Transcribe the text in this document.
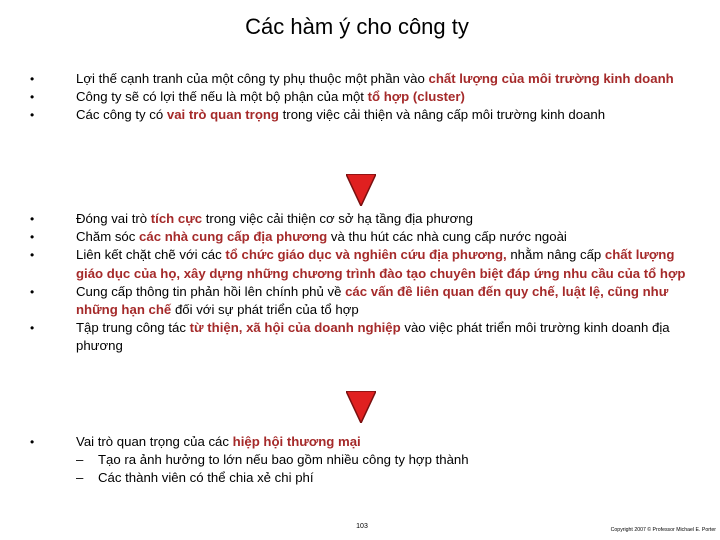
Các hàm ý cho công ty
•	Lợi thế cạnh tranh của một công ty phụ thuộc một phần vào chất lượng của môi trường kinh doanh
•	Công ty sẽ có lợi thế nếu là một bộ phận của một tổ hợp (cluster)
•	Các công ty có vai trò quan trọng trong việc cải thiện và nâng cấp môi trường kinh doanh
•	Đóng vai trò tích cực trong việc cải thiện cơ sở hạ tầng địa phương
•	Chăm sóc các nhà cung cấp địa phương và thu hút các nhà cung cấp nước ngoài
•	Liên kết chặt chẽ với các tổ chức giáo dục và nghiên cứu địa phương, nhằm nâng cấp chất lượng giáo dục của họ, xây dựng những chương trình đào tạo chuyên biệt đáp ứng nhu cầu của tổ hợp
•	Cung cấp thông tin phản hồi lên chính phủ về các vấn đề liên quan đến quy chế, luật lệ, cũng như những hạn chế đối với sự phát triển của tổ hợp
•	Tập trung công tác từ thiện, xã hội của doanh nghiệp vào việc phát triển môi trường kinh doanh địa phương
•	Vai trò quan trọng của các hiệp hội thương mại
– Tạo ra ảnh hưởng to lớn nếu bao gồm nhiều công ty hợp thành
– Các thành viên có thể chia xẻ chi phí
103	Copyright 2007 © Professor Michael E. Porter
